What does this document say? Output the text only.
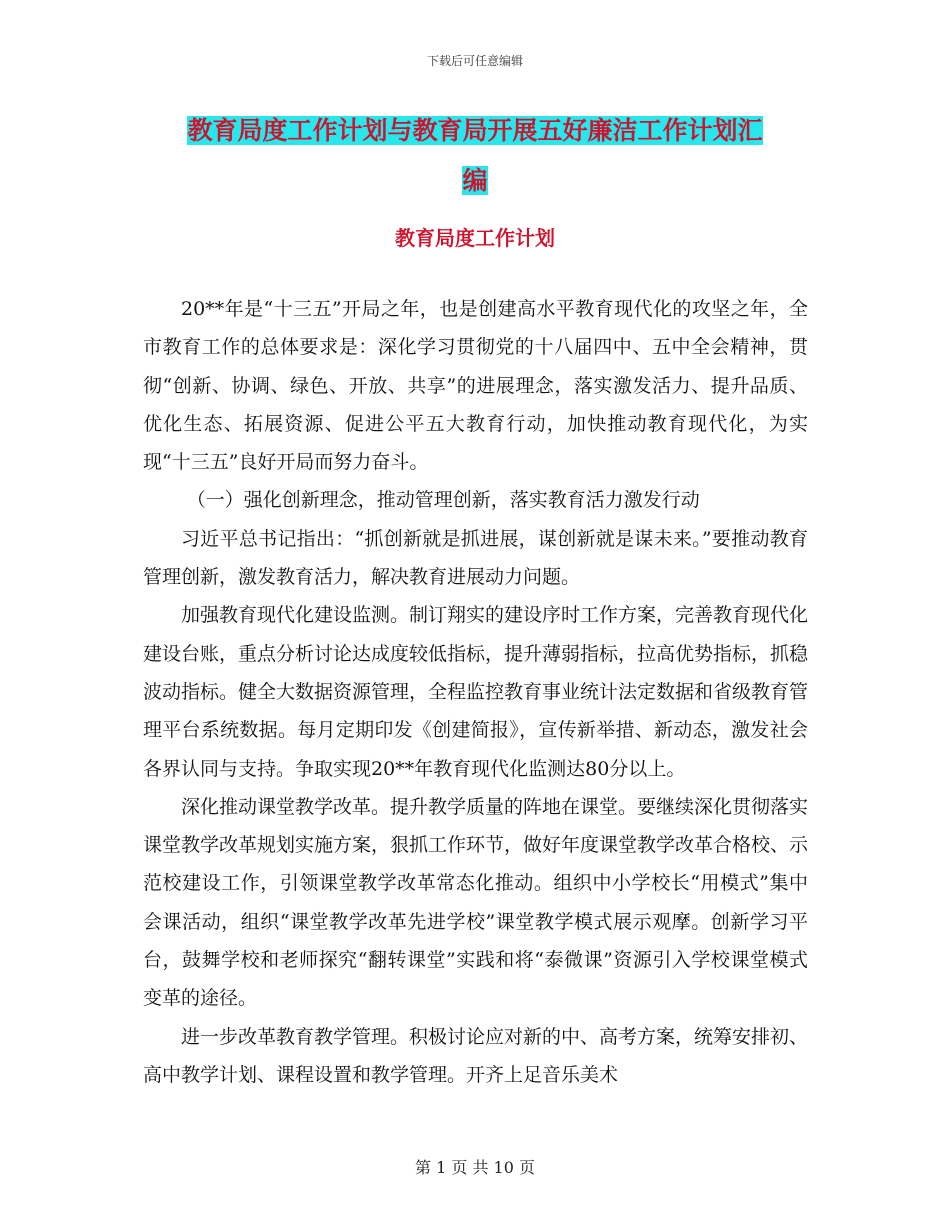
下载后可任意编辑
教育局度工作计划与教育局开展五好廉洁工作计划汇
编
教育局度工作计划

20**年是“十三五”开局之年，也是创建高水平教育现代化的攻坚之年，全市教育工作的总体要求是：深化学习贯彻党的十八届四中、五中全会精神，贯彻“创新、协调、绿色、开放、共享”的进展理念，落实激发活力、提升品质、优化生态、拓展资源、促进公平五大教育行动，加快推动教育现代化，为实现“十三五”良好开局而努力奋斗。

（一）强化创新理念，推动管理创新，落实教育活力激发行动

习近平总书记指出：“抓创新就是抓进展，谋创新就是谋未来。”要推动教育管理创新，激发教育活力，解决教育进展动力问题。

加强教育现代化建设监测。制订翔实的建设序时工作方案，完善教育现代化建设台账，重点分析讨论达成度较低指标，提升薄弱指标，拉高优势指标，抓稳波动指标。健全大数据资源管理，全程监控教育事业统计法定数据和省级教育管理平台系统数据。每月定期印发《创建简报》，宣传新举措、新动态，激发社会各界认同与支持。争取实现20**年教育现代化监测达80分以上。

深化推动课堂教学改革。提升教学质量的阵地在课堂。要继续深化贯彻落实课堂教学改革规划实施方案，狠抓工作环节，做好年度课堂教学改革合格校、示范校建设工作，引领课堂教学改革常态化推动。组织中小学校长“用模式”集中会课活动，组织“课堂教学改革先进学校”课堂教学模式展示观摩。创新学习平台，鼓舞学校和老师探究“翻转课堂”实践和将“泰微课”资源引入学校课堂模式变革的途径。

进一步改革教育教学管理。积极讨论应对新的中、高考方案，统筹安排初、高中教学计划、课程设置和教学管理。开齐上足音乐美术

第 1 页 共 10 页
